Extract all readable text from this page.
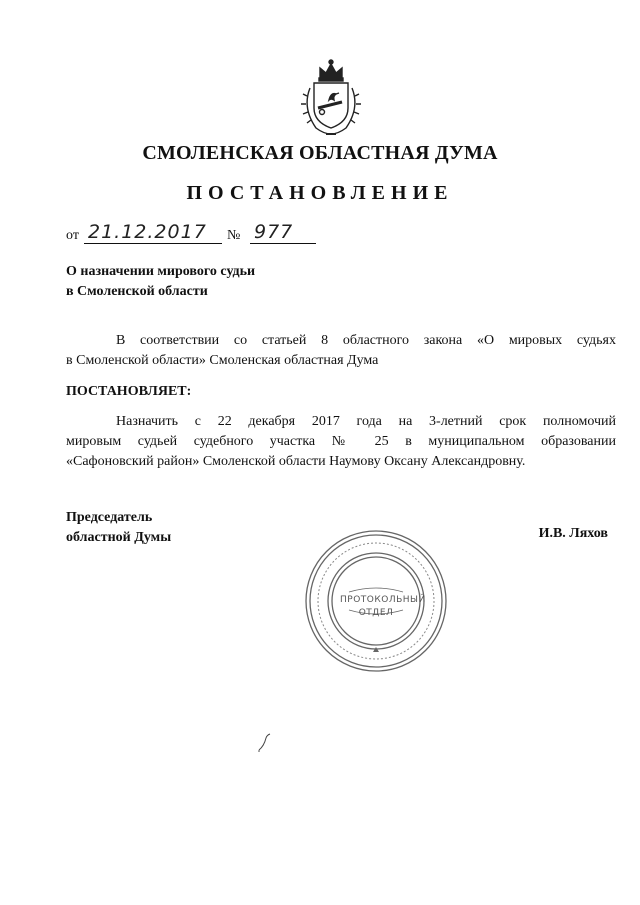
СМОЛЕНСКАЯ ОБЛАСТНАЯ ДУМА
ПОСТАНОВЛЕНИЕ
от 21.12.2017	№ 977
О назначении мирового судьи
в Смоленской области
В соответствии со статьей 8 областного закона «О мировых судьях
в Смоленской области» Смоленская областная Дума
ПОСТАНОВЛЯЕТ:
Назначить с 22 декабря 2017 года на 3-летний срок полномочий
мировым судьей судебного участка № 25 в муниципальном образовании
«Сафоновский район» Смоленской области Наумову Оксану Александровну.
Председатель
областной Думы	И.В. Ляхов
ПРОТОКОЛЬНЫЙ
ОТДЕЛ
